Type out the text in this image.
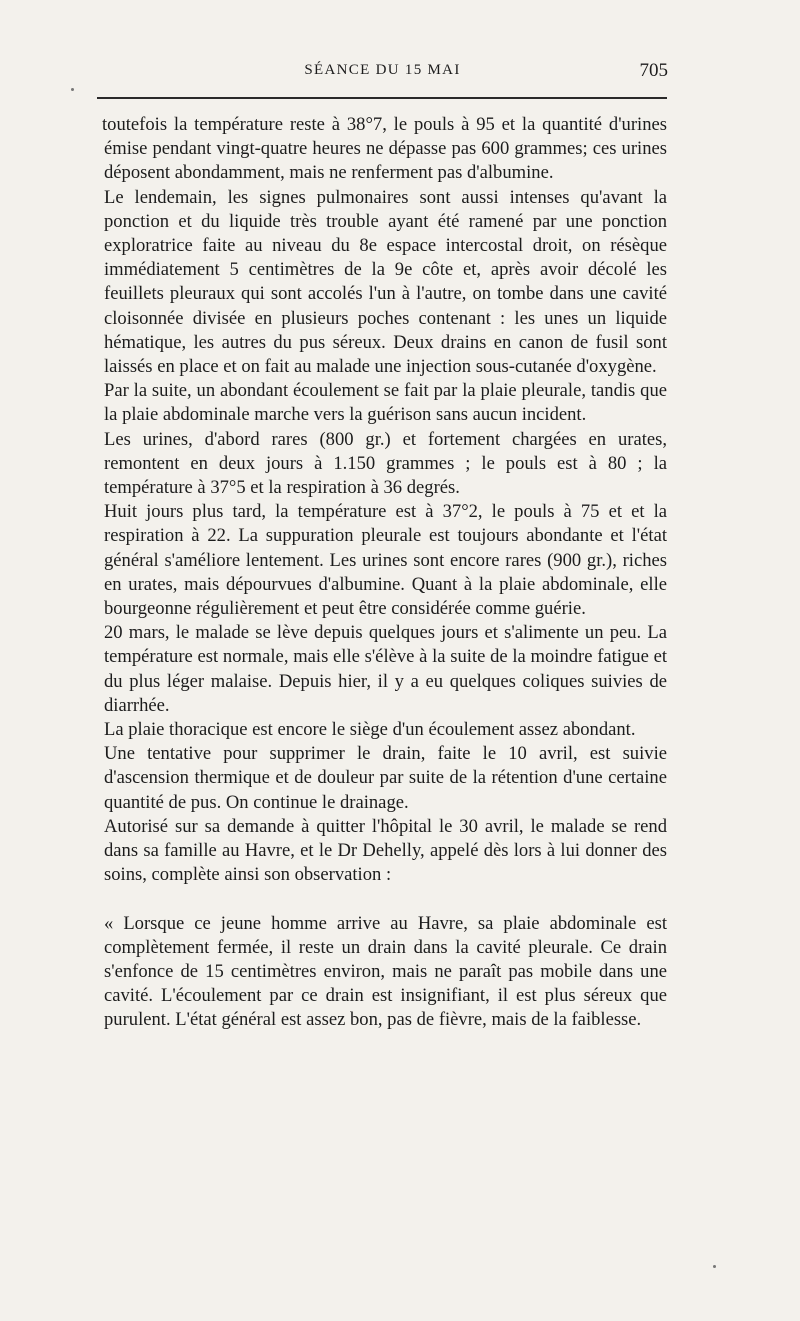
SÉANCE DU 15 MAI	705

toutefois la température reste à 38°7, le pouls à 95 et la quantité d'urines émise pendant vingt-quatre heures ne dépasse pas 600 grammes; ces urines déposent abondamment, mais ne renferment pas d'albumine.

Le lendemain, les signes pulmonaires sont aussi intenses qu'avant la ponction et du liquide très trouble ayant été ramené par une ponction exploratrice faite au niveau du 8e espace intercostal droit, on résèque immédiatement 5 centimètres de la 9e côte et, après avoir décolé les feuillets pleuraux qui sont accolés l'un à l'autre, on tombe dans une cavité cloisonnée divisée en plusieurs poches contenant : les unes un liquide hématique, les autres du pus séreux. Deux drains en canon de fusil sont laissés en place et on fait au malade une injection sous-cutanée d'oxygène.

Par la suite, un abondant écoulement se fait par la plaie pleurale, tandis que la plaie abdominale marche vers la guérison sans aucun incident.

Les urines, d'abord rares (800 gr.) et fortement chargées en urates, remontent en deux jours à 1.150 grammes ; le pouls est à 80 ; la température à 37°5 et la respiration à 36 degrés.

Huit jours plus tard, la température est à 37°2, le pouls à 75 et et la respiration à 22. La suppuration pleurale est toujours abondante et l'état général s'améliore lentement. Les urines sont encore rares (900 gr.), riches en urates, mais dépourvues d'albumine. Quant à la plaie abdominale, elle bourgeonne régulièrement et peut être considérée comme guérie.

20 mars, le malade se lève depuis quelques jours et s'alimente un peu. La température est normale, mais elle s'élève à la suite de la moindre fatigue et du plus léger malaise. Depuis hier, il y a eu quelques coliques suivies de diarrhée.

La plaie thoracique est encore le siège d'un écoulement assez abondant.

Une tentative pour supprimer le drain, faite le 10 avril, est suivie d'ascension thermique et de douleur par suite de la rétention d'une certaine quantité de pus. On continue le drainage.

Autorisé sur sa demande à quitter l'hôpital le 30 avril, le malade se rend dans sa famille au Havre, et le Dr Dehelly, appelé dès lors à lui donner des soins, complète ainsi son observation :

« Lorsque ce jeune homme arrive au Havre, sa plaie abdominale est complètement fermée, il reste un drain dans la cavité pleurale. Ce drain s'enfonce de 15 centimètres environ, mais ne paraît pas mobile dans une cavité. L'écoulement par ce drain est insignifiant, il est plus séreux que purulent. L'état général est assez bon, pas de fièvre, mais de la faiblesse.
